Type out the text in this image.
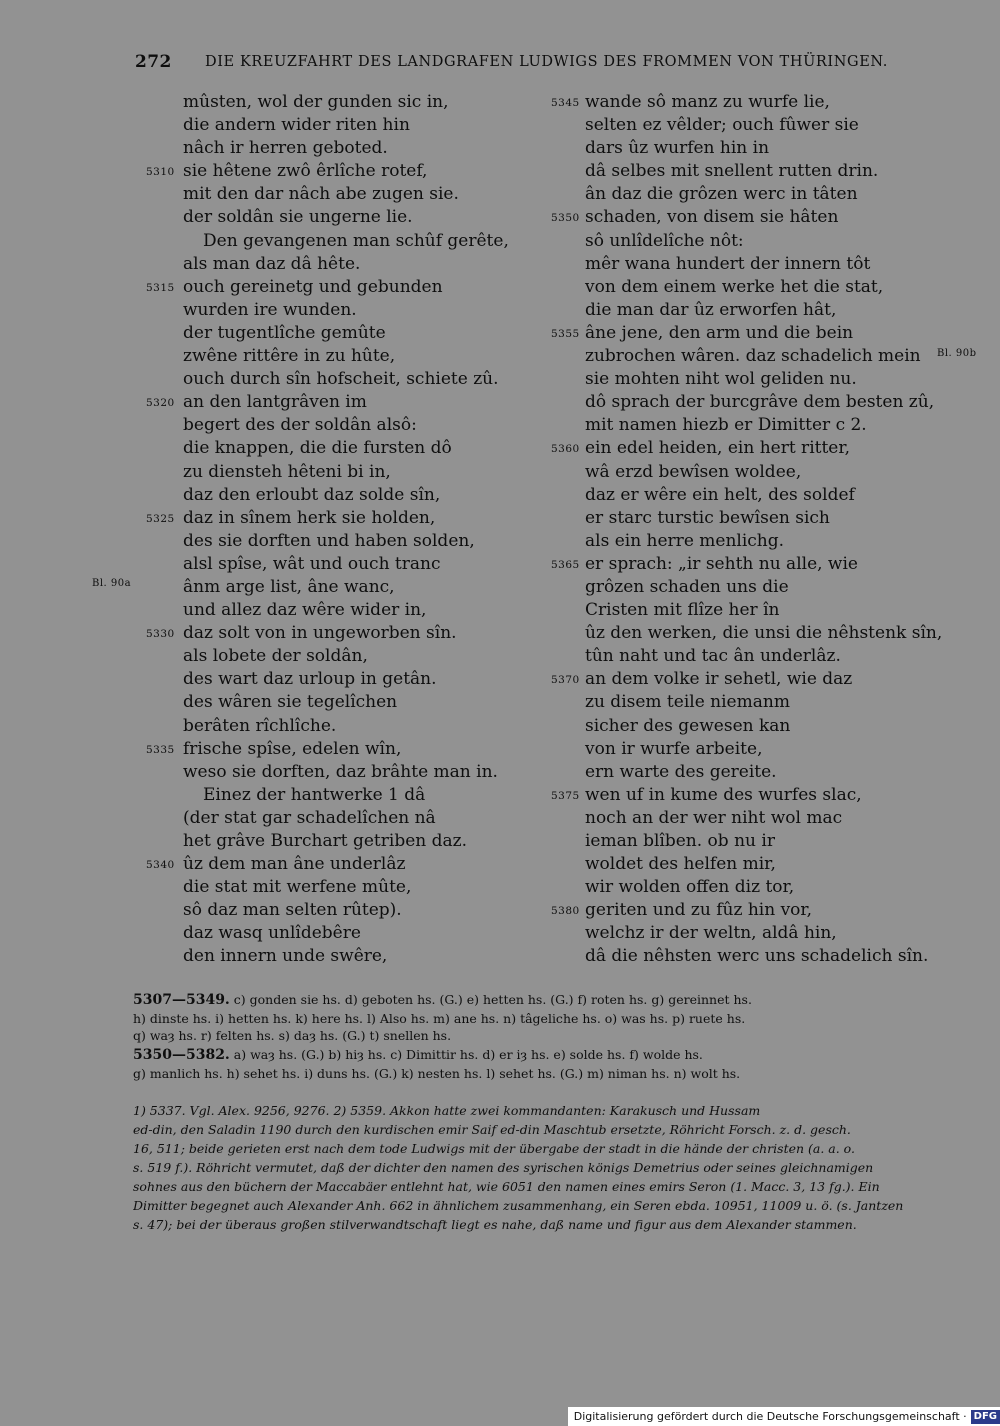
272 DIE KREUZFAHRT DES LANDGRAFEN LUDWIGS DES FROMMEN VON THÜRINGEN.
mûsten, wol der gunden sic in,
die andern wider riten hin
nâch ir herren geboted.
5310 sie hêtene zwô êrlîche rotef,
mit den dar nâch abe zugen sie.
der soldân sie ungerne lie.
Den gevangenen man schûf gerête,
als man daz dâ hête.
5315 ouch gereinetg und gebunden
wurden ire wunden.
der tugentlîche gemûte
zwêne rittêre in zu hûte,
ouch durch sîn hofscheit, schiete zû.
5320 an den lantgrâven im
begert des der soldân alsô:
die knappen, die die fursten dô
zu diensteh hêteni bi in,
daz den erloubt daz solde sîn,
5325 daz in sînem herk sie holden,
des sie dorften und haben solden,
alsl spîse, wât und ouch tranc
ânm arge list, âne wanc,
und allez daz wêre wider in,
5330 daz solt von in ungeworben sîn.
als lobete der soldân,
des wart daz urloup in getân.
des wâren sie tegelîchen
berâten rîchlîche.
5335 frische spîse, edelen wîn,
weso sie dorften, daz brâhte man in.
Einez der hantwerke 1 dâ
(der stat gar schadelîchen nâ
het grâve Burchart getriben daz.
5340 ûz dem man âne underlâz
die stat mit werfene mûte,
sô daz man selten rûtep).
daz wasq unlîdebêre
den innern unde swêre,
5345 wande sô manz zu wurfe lie,
selten ez vêlder; ouch fûwer sie
dars ûz wurfen hin in
dâ selbes mit snellent rutten drin.
ân daz die grôzen werc in tâten
5350 schaden, von disem sie hâten
sô unlîdelîche nôt:
mêr wana hundert der innern tôt
von dem einem werke het die stat,
die man dar ûz erworfen hât,
5355 âne jene, den arm und die bein
zubrochen wâren. daz schadelich mein
sie mohten niht wol geliden nu.
dô sprach der burcgrâve dem besten zû,
mit namen hiezb er Dimitter c 2.
5360 ein edel heiden, ein hert ritter,
wâ erzd bewîsen woldee,
daz er wêre ein helt, des soldef
er starc turstic bewîsen sich
als ein herre menlichg.
5365 er sprach: „ir sehth nu alle, wie
grôzen schaden uns die
Cristen mit flîze her în
ûz den werken, die unsi die nêhstenk sîn,
tûn naht und tac ân underlâz.
5370 an dem volke ir sehetl, wie daz
zu disem teile niemanm
sicher des gewesen kan
von ir wurfe arbeite,
ern warte des gereite.
5375 wen uf in kume des wurfes slac,
noch an der wer niht wol mac
ieman blîben. ob nu ir
woldet des helfen mir,
wir wolden offen diz tor,
5380 geriten und zu fûz hin vor,
welchz ir der weltn, aldâ hin,
dâ die nêhsten werc uns schadelich sîn.
Bl. 90a
Bl. 90b

5307—5349. c) gonden sie hs. d) geboten hs. (G.) e) hetten hs. (G.) f) roten hs. g) gereinnet hs.

h) dinste hs. i) hetten hs. k) here hs. l) Also hs. m) ane hs. n) tâgeliche hs. o) was hs. p) ruete hs.

q) waȝ hs. r) felten hs. s) daȝ hs. (G.) t) snellen hs.

5350—5382. a) waȝ hs. (G.) b) hiȝ hs. c) Dimittir hs. d) er iȝ hs. e) solde hs. f) wolde hs.

g) manlich hs. h) sehet hs. i) duns hs. (G.) k) nesten hs. l) sehet hs. (G.) m) niman hs. n) wolt hs.

1) 5337. Vgl. Alex. 9256, 9276. 2) 5359. Akkon hatte zwei kommandanten: Karakusch und Hussam

ed-din, den Saladin 1190 durch den kurdischen emir Saif ed-din Maschtub ersetzte, Röhricht Forsch. z. d. gesch.

16, 511; beide gerieten erst nach dem tode Ludwigs mit der übergabe der stadt in die hände der christen (a. a. o.

s. 519 f.). Röhricht vermutet, daß der dichter den namen des syrischen königs Demetrius oder seines gleichnamigen

sohnes aus den büchern der Maccabäer entlehnt hat, wie 6051 den namen eines emirs Seron (1. Macc. 3, 13 fg.). Ein

Dimitter begegnet auch Alexander Anh. 662 in ähnlichem zusammenhang, ein Seren ebda. 10951, 11009 u. ö. (s. Jantzen

s. 47); bei der überaus großen stilverwandtschaft liegt es nahe, daß name und figur aus dem Alexander stammen.

Digitalisierung gefördert durch die Deutsche Forschungsgemeinschaft · DFG
